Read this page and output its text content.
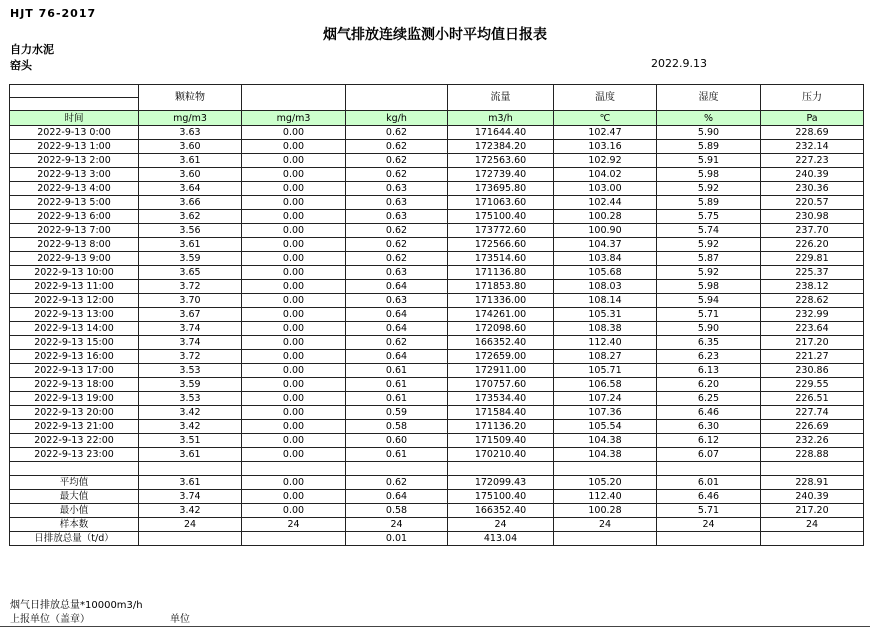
HJT 76-2017
烟气排放连续监测小时平均值日报表
自力水泥
窑头	2022.9.13
	颗粒物			流量	温度	湿度	压力

时间	mg/m3	mg/m3	kg/h	m3/h	℃	%	Pa
2022-9-13 0:00	3.63	0.00	0.62	171644.40	102.47	5.90	228.69
2022-9-13 1:00	3.60	0.00	0.62	172384.20	103.16	5.89	232.14
2022-9-13 2:00	3.61	0.00	0.62	172563.60	102.92	5.91	227.23
2022-9-13 3:00	3.60	0.00	0.62	172739.40	104.02	5.98	240.39
2022-9-13 4:00	3.64	0.00	0.63	173695.80	103.00	5.92	230.36
2022-9-13 5:00	3.66	0.00	0.63	171063.60	102.44	5.89	220.57
2022-9-13 6:00	3.62	0.00	0.63	175100.40	100.28	5.75	230.98
2022-9-13 7:00	3.56	0.00	0.62	173772.60	100.90	5.74	237.70
2022-9-13 8:00	3.61	0.00	0.62	172566.60	104.37	5.92	226.20
2022-9-13 9:00	3.59	0.00	0.62	173514.60	103.84	5.87	229.81
2022-9-13 10:00	3.65	0.00	0.63	171136.80	105.68	5.92	225.37
2022-9-13 11:00	3.72	0.00	0.64	171853.80	108.03	5.98	238.12
2022-9-13 12:00	3.70	0.00	0.63	171336.00	108.14	5.94	228.62
2022-9-13 13:00	3.67	0.00	0.64	174261.00	105.31	5.71	232.99
2022-9-13 14:00	3.74	0.00	0.64	172098.60	108.38	5.90	223.64
2022-9-13 15:00	3.74	0.00	0.62	166352.40	112.40	6.35	217.20
2022-9-13 16:00	3.72	0.00	0.64	172659.00	108.27	6.23	221.27
2022-9-13 17:00	3.53	0.00	0.61	172911.00	105.71	6.13	230.86
2022-9-13 18:00	3.59	0.00	0.61	170757.60	106.58	6.20	229.55
2022-9-13 19:00	3.53	0.00	0.61	173534.40	107.24	6.25	226.51
2022-9-13 20:00	3.42	0.00	0.59	171584.40	107.36	6.46	227.74
2022-9-13 21:00	3.42	0.00	0.58	171136.20	105.54	6.30	226.69
2022-9-13 22:00	3.51	0.00	0.60	171509.40	104.38	6.12	232.26
2022-9-13 23:00	3.61	0.00	0.61	170210.40	104.38	6.07	228.88

平均值	3.61	0.00	0.62	172099.43	105.20	6.01	228.91
最大值	3.74	0.00	0.64	175100.40	112.40	6.46	240.39
最小值	3.42	0.00	0.58	166352.40	100.28	5.71	217.20
样本数	24	24	24	24	24	24	24
日排放总量（t/d）			0.01	413.04			
烟气日排放总量*10000m3/h
上报单位（盖章）	单位
